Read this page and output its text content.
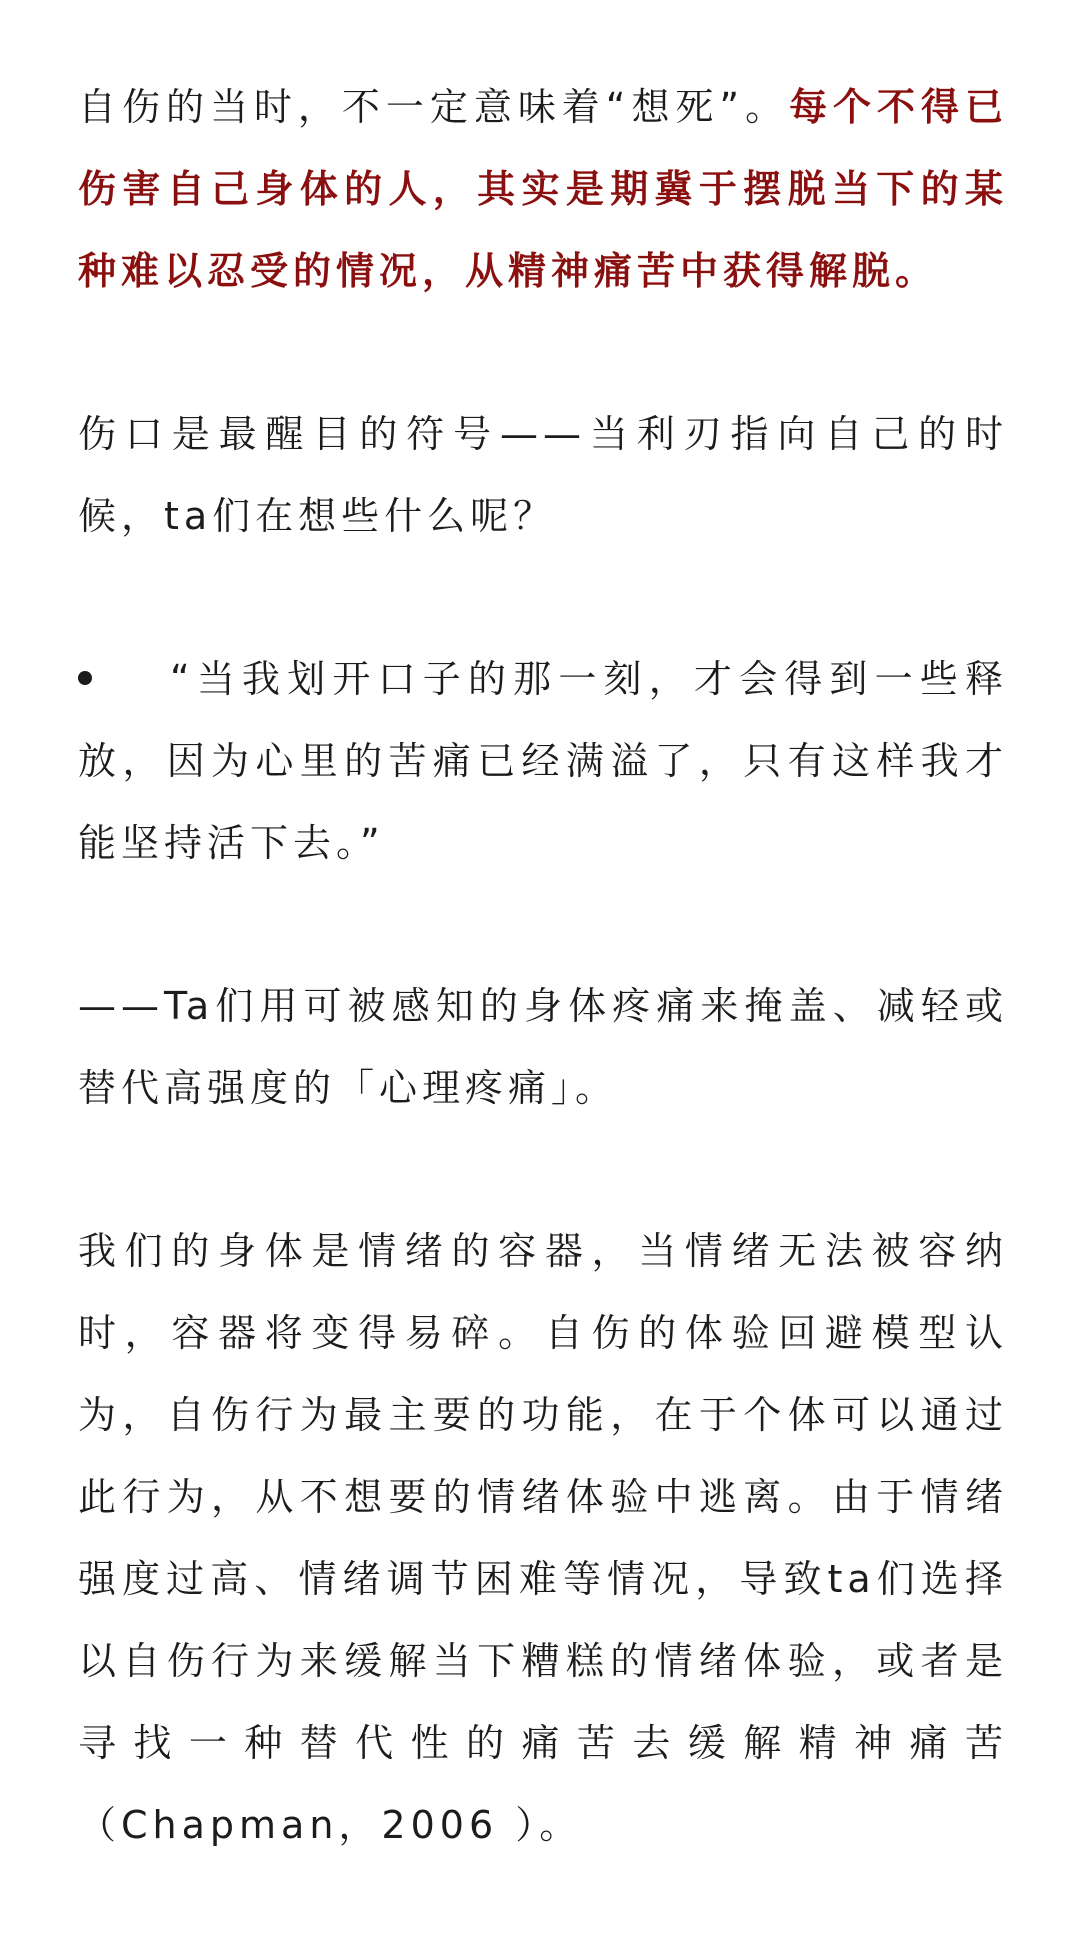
自伤的当时，不一定意味着“想死”。每个不得已伤害自己身体的人，其实是期冀于摆脱当下的某种难以忍受的情况，从精神痛苦中获得解脱。

伤口是最醒目的符号——当利刃指向自己的时候，ta们在想些什么呢？

“当我划开口子的那一刻，才会得到一些释放，因为心里的苦痛已经满溢了，只有这样我才能坚持活下去。”

——Ta们用可被感知的身体疼痛来掩盖、减轻或替代高强度的「心理疼痛」。

我们的身体是情绪的容器，当情绪无法被容纳时，容器将变得易碎。自伤的体验回避模型认为，自伤行为最主要的功能，在于个体可以通过此行为，从不想要的情绪体验中逃离。由于情绪强度过高、情绪调节困难等情况，导致ta们选择以自伤行为来缓解当下糟糕的情绪体验，或者是寻找一种替代性的痛苦去缓解精神痛苦（Chapman，2006 ）。
